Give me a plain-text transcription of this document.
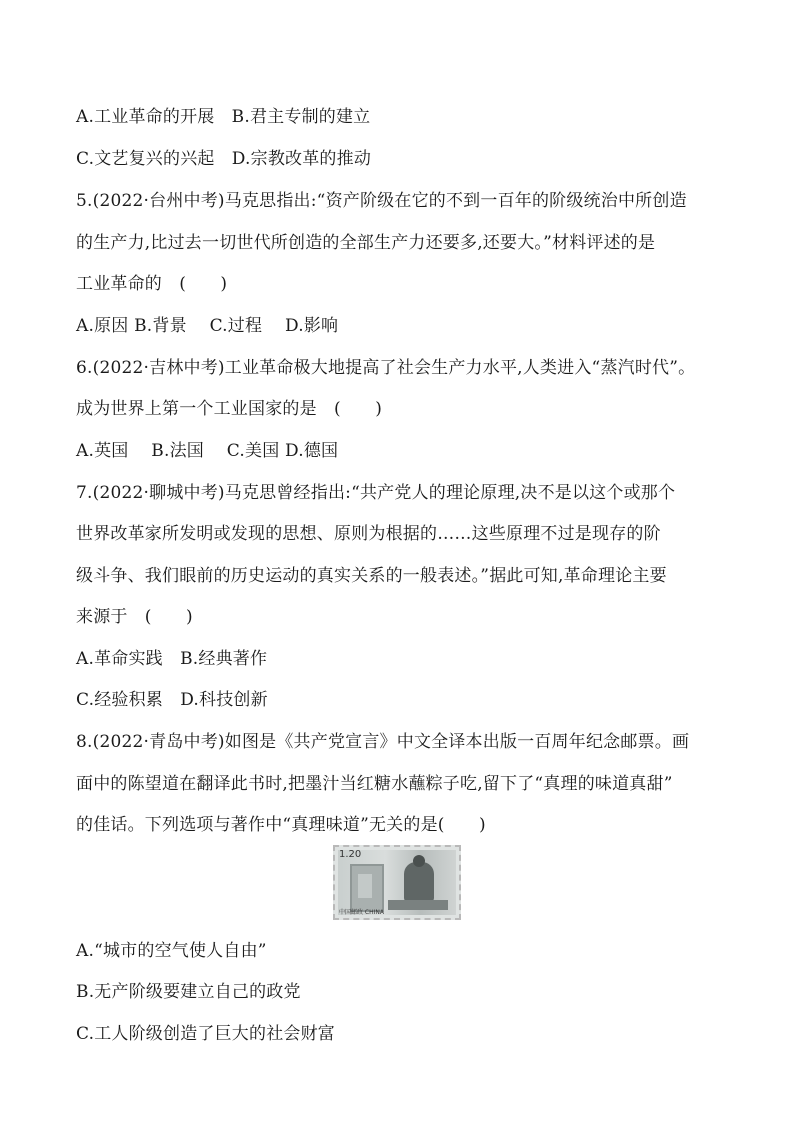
A.工业革命的开展　B.君主专制的建立
C.文艺复兴的兴起　D.宗教改革的推动
5.(2022·台州中考)马克思指出:“资产阶级在它的不到一百年的阶级统治中所创造
的生产力,比过去一切世代所创造的全部生产力还要多,还要大。”材料评述的是
工业革命的　(　　)
A.原因 B.背景　 C.过程　 D.影响
6.(2022·吉林中考)工业革命极大地提高了社会生产力水平,人类进入“蒸汽时代”。
成为世界上第一个工业国家的是　(　　)
A.英国　 B.法国　 C.美国 D.德国
7.(2022·聊城中考)马克思曾经指出:“共产党人的理论原理,决不是以这个或那个
世界改革家所发明或发现的思想、原则为根据的……这些原理不过是现存的阶
级斗争、我们眼前的历史运动的真实关系的一般表述。”据此可知,革命理论主要
来源于　(　　)
A.革命实践　B.经典著作
C.经验积累　D.科技创新
8.(2022·青岛中考)如图是《共产党宣言》中文全译本出版一百周年纪念邮票。画
面中的陈望道在翻译此书时,把墨汁当红糖水蘸粽子吃,留下了“真理的味道真甜”
的佳话。下列选项与著作中“真理味道”无关的是(　　)
1.20
中国邮政 CHINA
A.“城市的空气使人自由”
B.无产阶级要建立自己的政党
C.工人阶级创造了巨大的社会财富
